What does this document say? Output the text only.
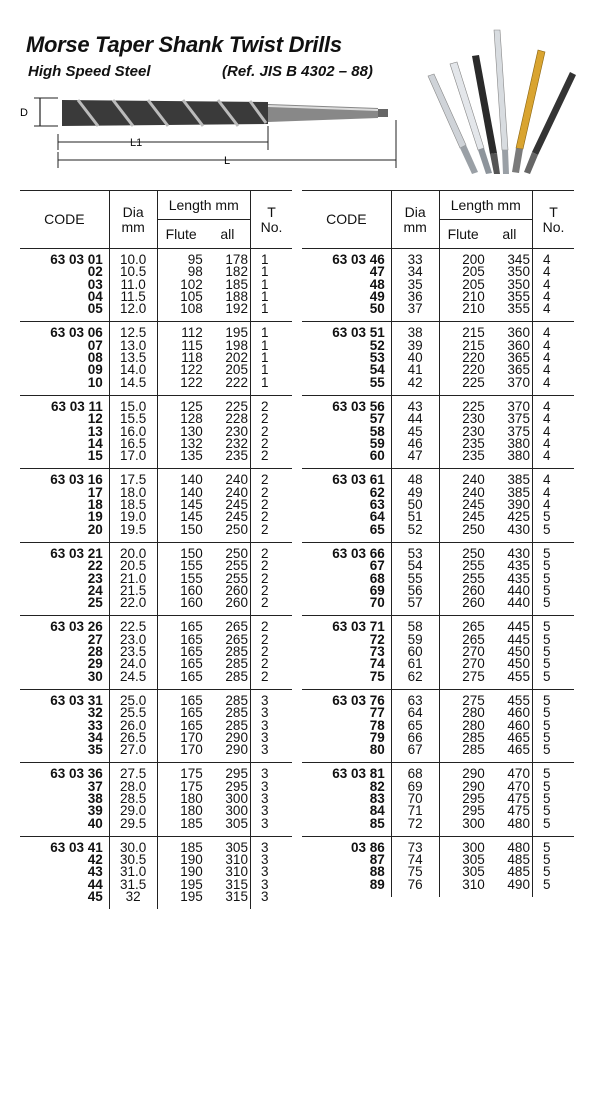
Morse Taper Shank Twist Drills
High Speed Steel	(Ref. JIS B 4302 – 88)
D
L1
L
CODE	Dia
mm	Length mm		T
No.
		Flute	all	
63 03 01	10.0	95	178	1
02	10.5	98	182	1
03	11.0	102	185	1
04	11.5	105	188	1
05	12.0	108	192	1
63 03 06	12.5	112	195	1
07	13.0	115	198	1
08	13.5	118	202	1
09	14.0	122	205	1
10	14.5	122	222	1
63 03 11	15.0	125	225	2
12	15.5	128	228	2
13	16.0	130	230	2
14	16.5	132	232	2
15	17.0	135	235	2
63 03 16	17.5	140	240	2
17	18.0	140	240	2
18	18.5	145	245	2
19	19.0	145	245	2
20	19.5	150	250	2
63 03 21	20.0	150	250	2
22	20.5	155	255	2
23	21.0	155	255	2
24	21.5	160	260	2
25	22.0	160	260	2
63 03 26	22.5	165	265	2
27	23.0	165	265	2
28	23.5	165	285	2
29	24.0	165	285	2
30	24.5	165	285	2
63 03 31	25.0	165	285	3
32	25.5	165	285	3
33	26.0	165	285	3
34	26.5	170	290	3
35	27.0	170	290	3
63 03 36	27.5	175	295	3
37	28.0	175	295	3
38	28.5	180	300	3
39	29.0	180	300	3
40	29.5	185	305	3
63 03 41	30.0	185	305	3
42	30.5	190	310	3
43	31.0	190	310	3
44	31.5	195	315	3
45	32	195	315	3
CODE	Dia
mm	Length mm		T
No.
		Flute	all	
63 03 46	33	200	345	4
47	34	205	350	4
48	35	205	350	4
49	36	210	355	4
50	37	210	355	4
63 03 51	38	215	360	4
52	39	215	360	4
53	40	220	365	4
54	41	220	365	4
55	42	225	370	4
63 03 56	43	225	370	4
57	44	230	375	4
58	45	230	375	4
59	46	235	380	4
60	47	235	380	4
63 03 61	48	240	385	4
62	49	240	385	4
63	50	245	390	4
64	51	245	425	5
65	52	250	430	5
63 03 66	53	250	430	5
67	54	255	435	5
68	55	255	435	5
69	56	260	440	5
70	57	260	440	5
63 03 71	58	265	445	5
72	59	265	445	5
73	60	270	450	5
74	61	270	450	5
75	62	275	455	5
63 03 76	63	275	455	5
77	64	280	460	5
78	65	280	460	5
79	66	285	465	5
80	67	285	465	5
63 03 81	68	290	470	5
82	69	290	470	5
83	70	295	475	5
84	71	295	475	5
85	72	300	480	5
03 86	73	300	480	5
87	74	305	485	5
88	75	305	485	5
89	76	310	490	5
